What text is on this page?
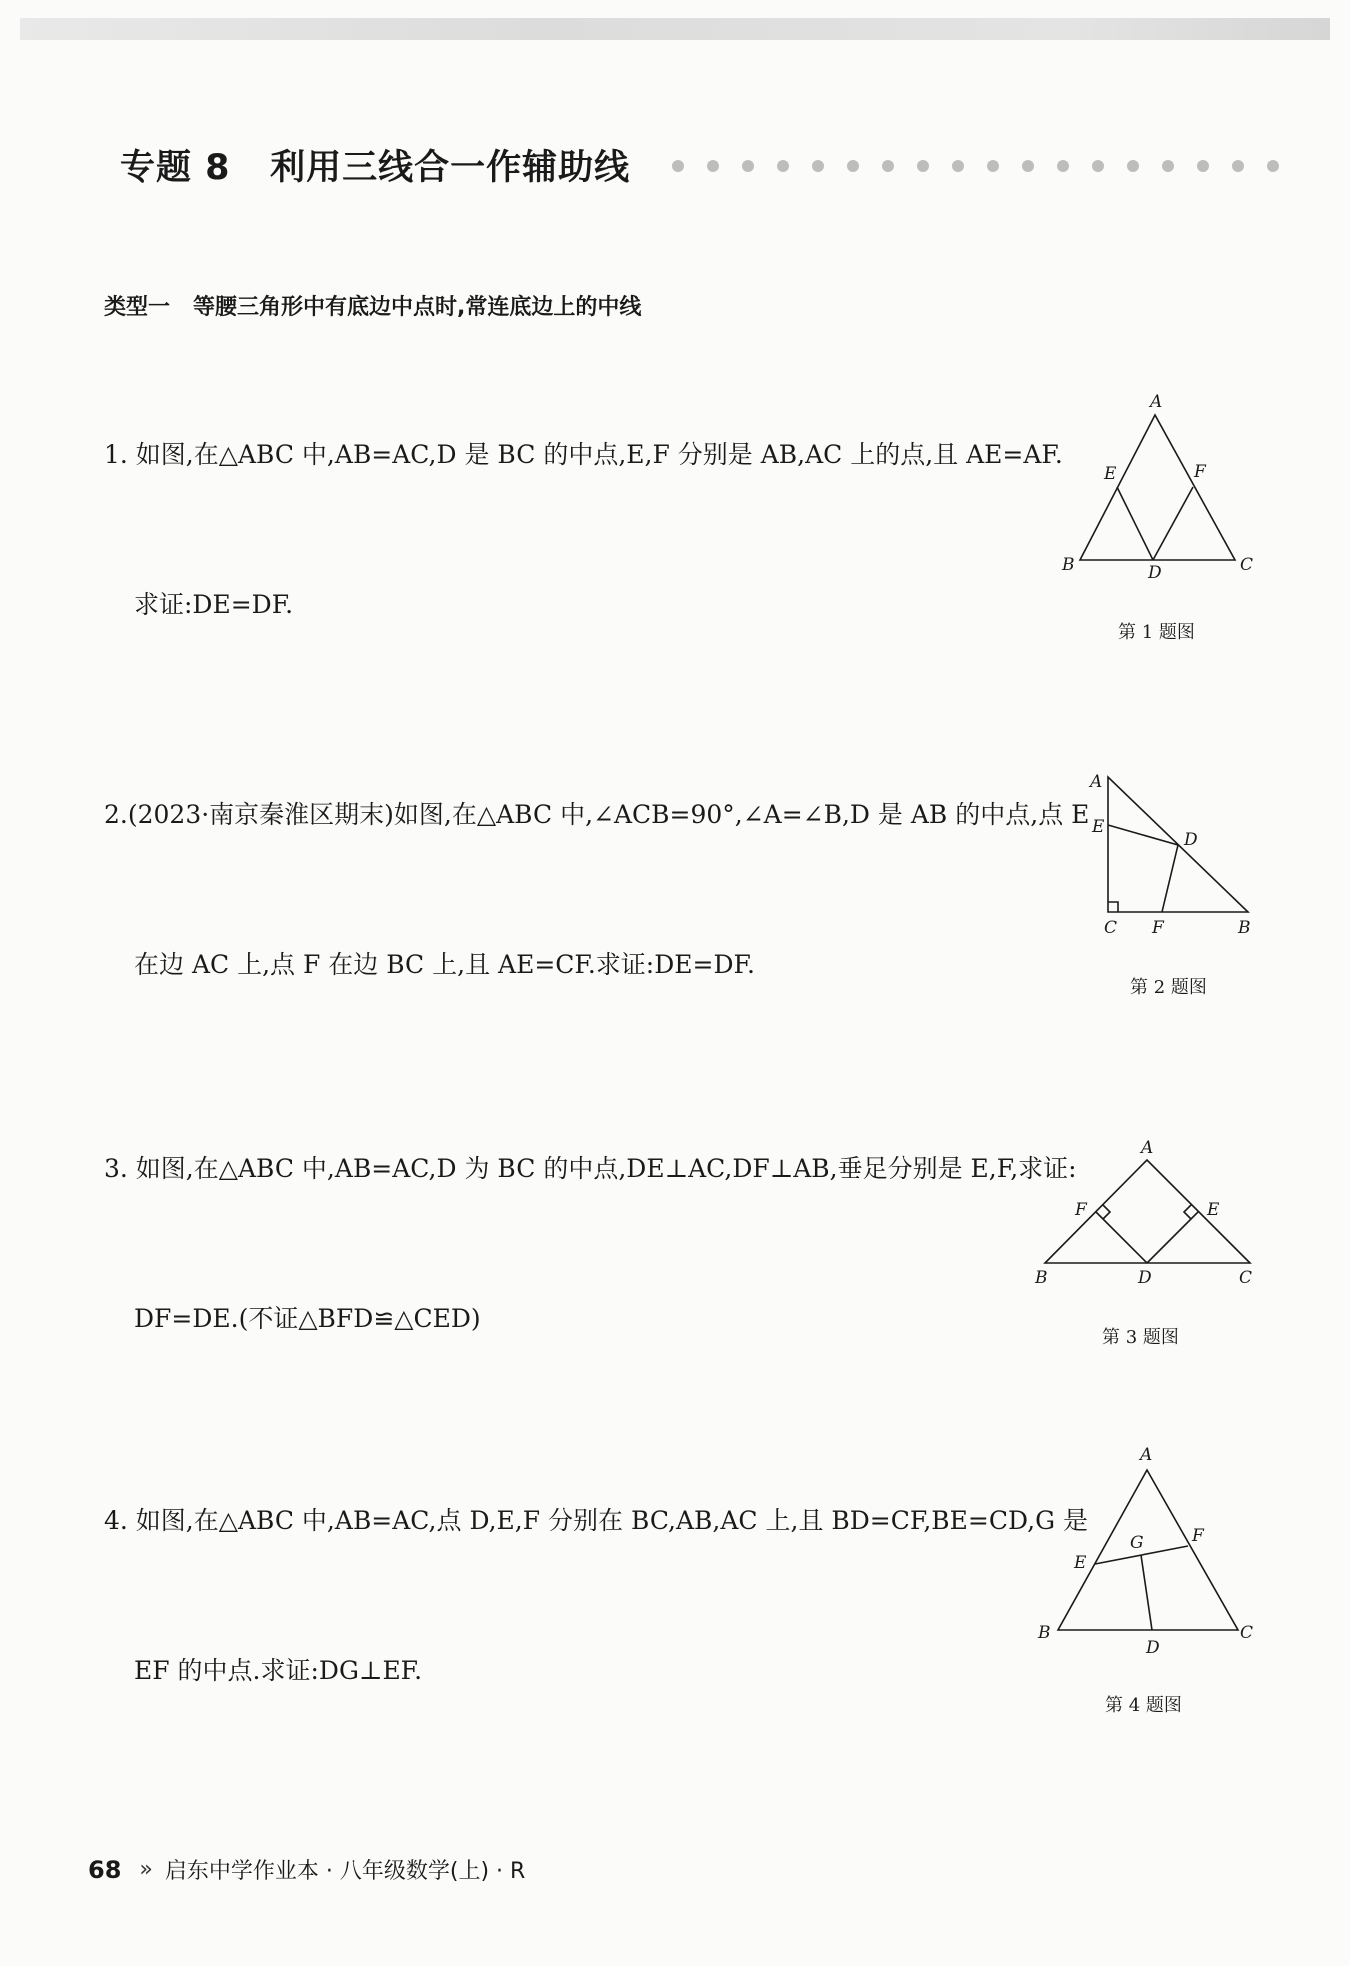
专题 8   利用三线合一作辅助线
类型一   等腰三角形中有底边中点时,常连底边上的中线

1. 如图,在△ABC 中,AB=AC,D 是 BC 的中点,E,F 分别是 AB,AC 上的点,且 AE=AF.

求证:DE=DF.

A
B	C
D
E	F
第 1 题图

2.(2023·南京秦淮区期末)如图,在△ABC 中,∠ACB=90°,∠A=∠B,D 是 AB 的中点,点 E

在边 AC 上,点 F 在边 BC 上,且 AE=CF.求证:DE=DF.

A
E
D
C F	B
第 2 题图

3. 如图,在△ABC 中,AB=AC,D 为 BC 的中点,DE⊥AC,DF⊥AB,垂足分别是 E,F,求证:

DF=DE.(不证△BFD≌△CED)

A
F	E
B	D	C
第 3 题图

4. 如图,在△ABC 中,AB=AC,点 D,E,F 分别在 BC,AB,AC 上,且 BD=CF,BE=CD,G 是

EF 的中点.求证:DG⊥EF.

A
E
G	F
B
D
C
第 4 题图
68 » 启东中学作业本 · 八年级数学(上) · R
